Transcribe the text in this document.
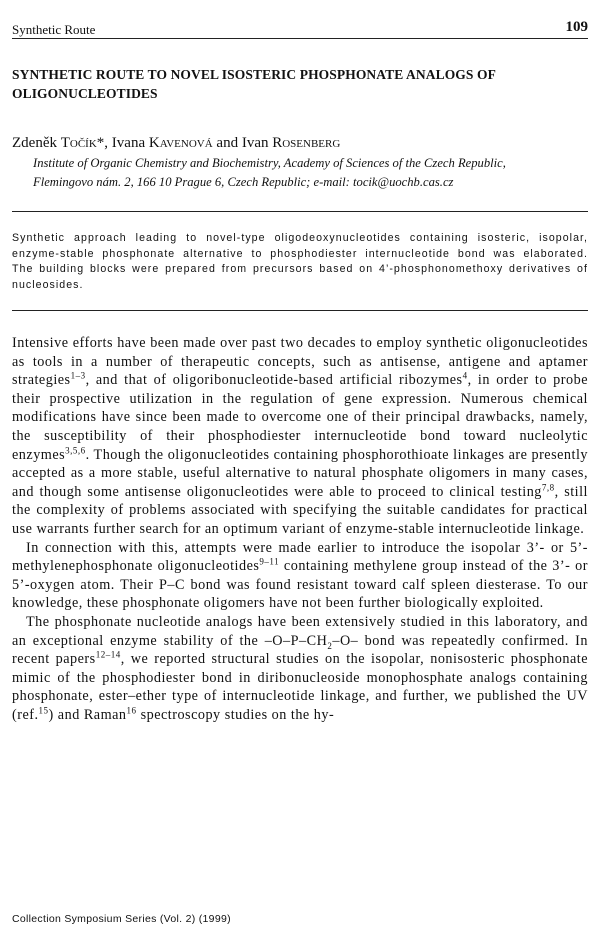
Synthetic Route	109
SYNTHETIC ROUTE TO NOVEL ISOSTERIC PHOSPHONATE ANALOGS OF OLIGONUCLEOTIDES
Zdeněk Točík*, Ivana Kavenová and Ivan Rosenberg
Institute of Organic Chemistry and Biochemistry, Academy of Sciences of the Czech Republic,
Flemingovo nám. 2, 166 10 Prague 6, Czech Republic; e-mail: tocik@uochb.cas.cz
Synthetic approach leading to novel-type oligodeoxynucleotides containing isosteric, isopolar, enzyme-stable phosphonate alternative to phosphodiester internucleotide bond was elaborated. The building blocks were prepared from precursors based on 4’-phosphonomethoxy derivatives of nucleosides.

Intensive efforts have been made over past two decades to employ synthetic oligonucleotides as tools in a number of therapeutic concepts, such as antisense, antigene and aptamer strategies$^{1-3}$, and that of oligoribonucleotide-based artificial ribozymes$^4$, in order to probe their prospective utilization in the regulation of gene expression. Numerous chemical modifications have since been made to overcome one of their principal drawbacks, namely, the susceptibility of their phosphodiester internucleotide bond toward nucleolytic enzymes$^{3,5,6}$. Though the oligonucleotides containing phosphorothioate linkages are presently accepted as a more stable, useful alternative to natural phosphate oligomers in many cases, and though some antisense oligonucleotides were able to proceed to clinical testing$^{7,8}$, still the complexity of problems associated with specifying the suitable candidates for practical use warrants further search for an optimum variant of enzyme-stable internucleotide linkage.

In connection with this, attempts were made earlier to introduce the isopolar 3’- or 5’-methylenephosphonate oligonucleotides$^{9-11}$ containing methylene group instead of the 3’- or 5’-oxygen atom. Their P–C bond was found resistant toward calf spleen diesterase. To our knowledge, these phosphonate oligomers have not been further biologically exploited.

The phosphonate nucleotide analogs have been extensively studied in this laboratory, and an exceptional enzyme stability of the $-O-P-CH_2-O-$ bond was repeatedly confirmed. In recent papers$^{12-14}$, we reported structural studies on the isopolar, nonisosteric phosphonate mimic of the phosphodiester bond in diribonucleoside monophosphate analogs containing phosphonate, ester–ether type of internucleotide linkage, and further, we published the UV (ref.$^{15}$) and Raman$^{16}$ spectroscopy studies on the hy-

Collection Symposium Series (Vol. 2) (1999)
